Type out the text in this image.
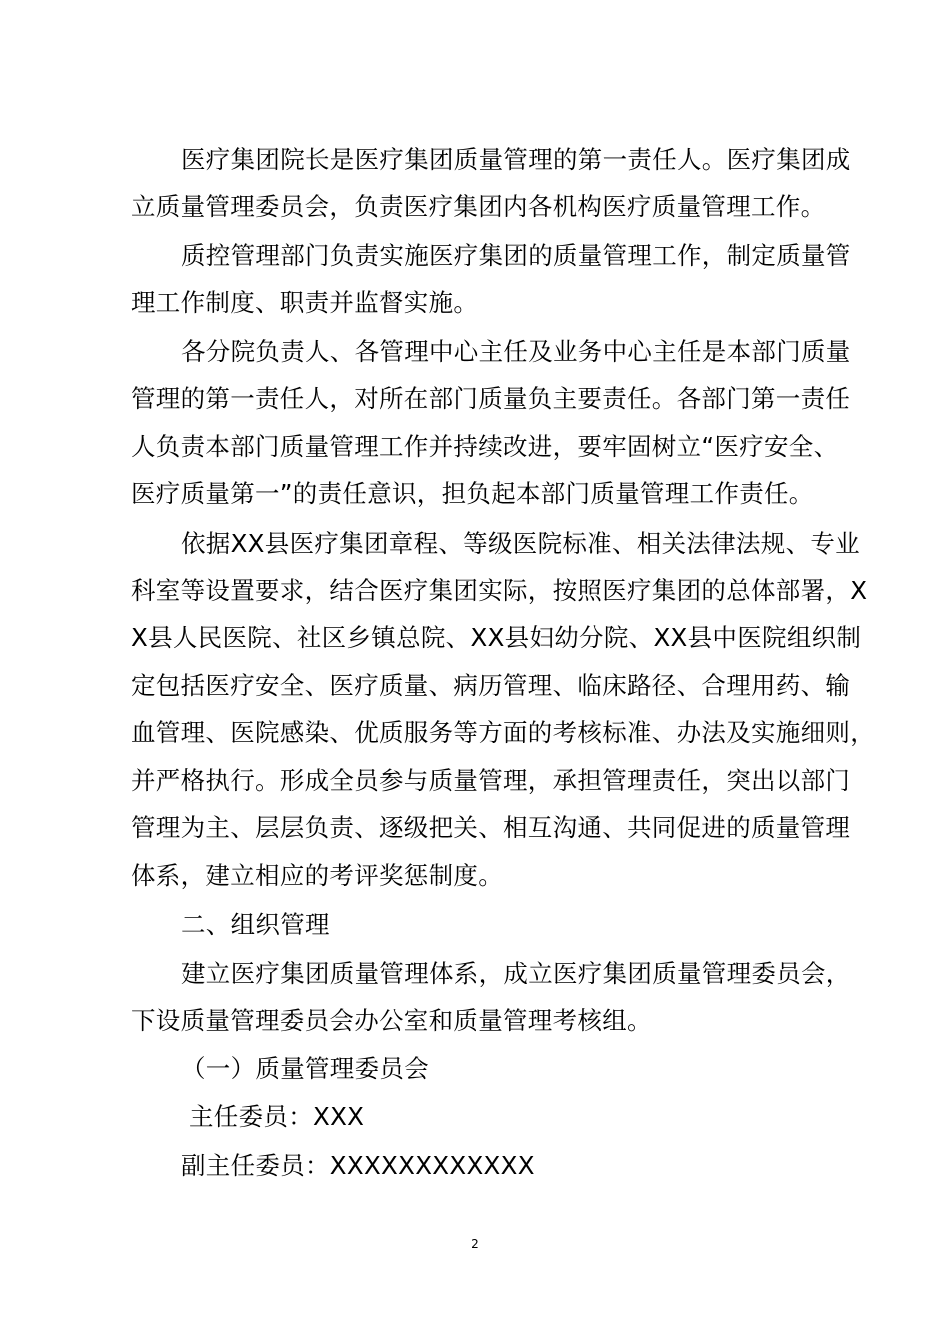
医疗集团院长是医疗集团质量管理的第一责任人。医疗集团成
立质量管理委员会，负责医疗集团内各机构医疗质量管理工作。
质控管理部门负责实施医疗集团的质量管理工作，制定质量管
理工作制度、职责并监督实施。
各分院负责人、各管理中心主任及业务中心主任是本部门质量
管理的第一责任人，对所在部门质量负主要责任。各部门第一责任
人负责本部门质量管理工作并持续改进，要牢固树立“医疗安全、
医疗质量第一”的责任意识，担负起本部门质量管理工作责任。
依据XX县医疗集团章程、等级医院标准、相关法律法规、专业
科室等设置要求，结合医疗集团实际，按照医疗集团的总体部署，X
X县人民医院、社区乡镇总院、XX县妇幼分院、XX县中医院组织制
定包括医疗安全、医疗质量、病历管理、临床路径、合理用药、输
血管理、医院感染、优质服务等方面的考核标准、办法及实施细则，
并严格执行。形成全员参与质量管理，承担管理责任，突出以部门
管理为主、层层负责、逐级把关、相互沟通、共同促进的质量管理
体系，建立相应的考评奖惩制度。
二、组织管理
建立医疗集团质量管理体系，成立医疗集团质量管理委员会，
下设质量管理委员会办公室和质量管理考核组。
（一）质量管理委员会
主任委员：XXX
副主任委员：XXXXXXXXXXXX
2
